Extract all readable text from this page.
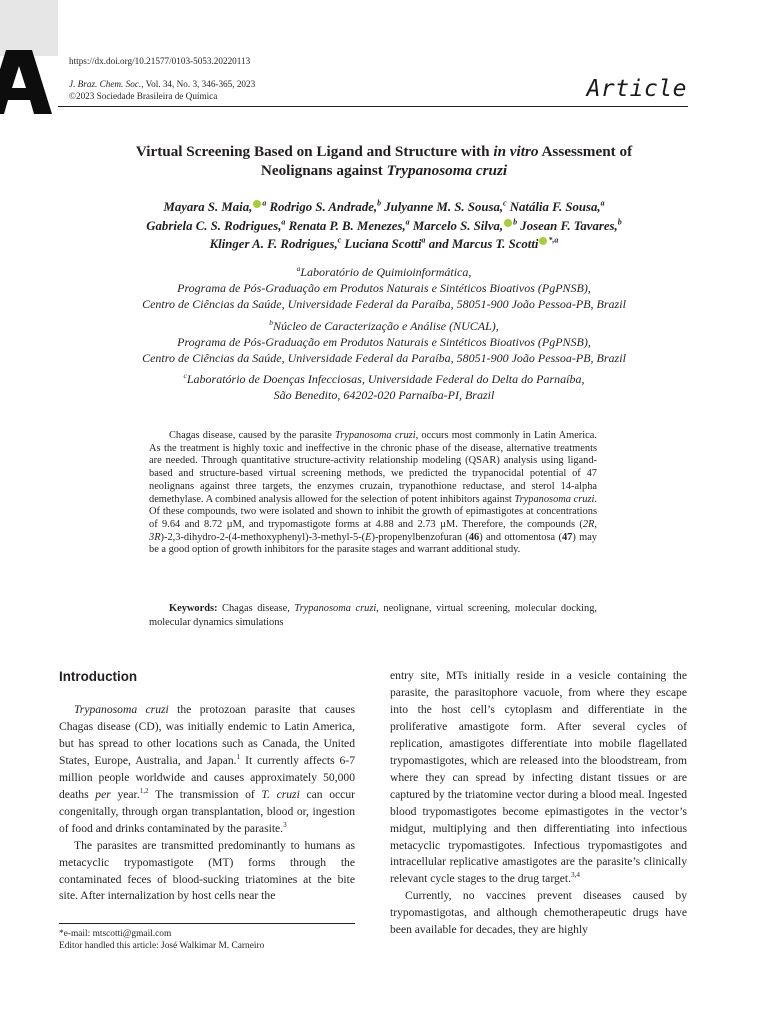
https://dx.doi.org/10.21577/0103-5053.20220113
J. Braz. Chem. Soc., Vol. 34, No. 3, 346-365, 2023
©2023 Sociedade Brasileira de Química	Article
Virtual Screening Based on Ligand and Structure with in vitro Assessment of
Neolignans against Trypanosoma cruzi
Mayara S. Maia, $^a$ Rodrigo S. Andrade,$^b$ Julyanne M. S. Sousa,$^c$ Natália F. Sousa,$^a$
Gabriela C. S. Rodrigues,$^a$ Renata P. B. Menezes,$^a$ Marcelo S. Silva, $^b$ Josean F. Tavares,$^b$
Klinger A. F. Rodrigues,$^c$ Luciana Scotti$^a$ and Marcus T. Scotti $^{*,a}$
$^a$Laboratório de Quimioinformática,
Programa de Pós-Graduação em Produtos Naturais e Sintéticos Bioativos (PgPNSB),
Centro de Ciências da Saúde, Universidade Federal da Paraíba, 58051-900 João Pessoa-PB, Brazil
$^b$Núcleo de Caracterização e Análise (NUCAL),
Programa de Pós-Graduação em Produtos Naturais e Sintéticos Bioativos (PgPNSB),
Centro de Ciências da Saúde, Universidade Federal da Paraíba, 58051-900 João Pessoa-PB, Brazil
$^c$Laboratório de Doenças Infecciosas, Universidade Federal do Delta do Parnaíba,
São Benedito, 64202-020 Parnaíba-PI, Brazil

Chagas disease, caused by the parasite Trypanosoma cruzi, occurs most commonly in Latin America. As the treatment is highly toxic and ineffective in the chronic phase of the disease, alternative treatments are needed. Through quantitative structure-activity relationship modeling (QSAR) analysis using ligand-based and structure-based virtual screening methods, we predicted the trypanocidal potential of 47 neolignans against three targets, the enzymes cruzain, trypanothione reductase, and sterol 14-alpha demethylase. A combined analysis allowed for the selection of potent inhibitors against Trypanosoma cruzi. Of these compounds, two were isolated and shown to inhibit the growth of epimastigotes at concentrations of 9.64 and 8.72 µM, and trypomastigote forms at 4.88 and 2.73 µM. Therefore, the compounds (2R, 3R)-2,3-dihydro-2-(4-methoxyphenyl)-3-methyl-5-(E)-propenylbenzofuran (46) and ottomentosa (47) may be a good option of growth inhibitors for the parasite stages and warrant additional study.

Keywords: Chagas disease, Trypanosoma cruzi, neolignane, virtual screening, molecular docking, molecular dynamics simulations
Introduction

Trypanosoma cruzi the protozoan parasite that causes Chagas disease (CD), was initially endemic to Latin America, but has spread to other locations such as Canada, the United States, Europe, Australia, and Japan.$^1$ It currently affects 6-7 million people worldwide and causes approximately 50,000 deaths per year.$^{1,2}$ The transmission of T. cruzi can occur congenitally, through organ transplantation, blood or, ingestion of food and drinks contaminated by the parasite.$^3$

The parasites are transmitted predominantly to humans as metacyclic trypomastigote (MT) forms through the contaminated feces of blood-sucking triatomines at the bite site. After internalization by host cells near the

entry site, MTs initially reside in a vesicle containing the parasite, the parasitophore vacuole, from where they escape into the host cell’s cytoplasm and differentiate in the proliferative amastigote form. After several cycles of replication, amastigotes differentiate into mobile flagellated trypomastigotes, which are released into the bloodstream, from where they can spread by infecting distant tissues or are captured by the triatomine vector during a blood meal. Ingested blood trypomastigotes become epimastigotes in the vector’s midgut, multiplying and then differentiating into infectious metacyclic trypomastigotes. Infectious trypomastigotes and intracellular replicative amastigotes are the parasite’s clinically relevant cycle stages to the drug target.$^{3,4}$

Currently, no vaccines prevent diseases caused by trypomastigotas, and although chemotherapeutic drugs have been available for decades, they are highly

*e-mail: mtscotti@gmail.com
Editor handled this article: José Walkimar M. Carneiro
